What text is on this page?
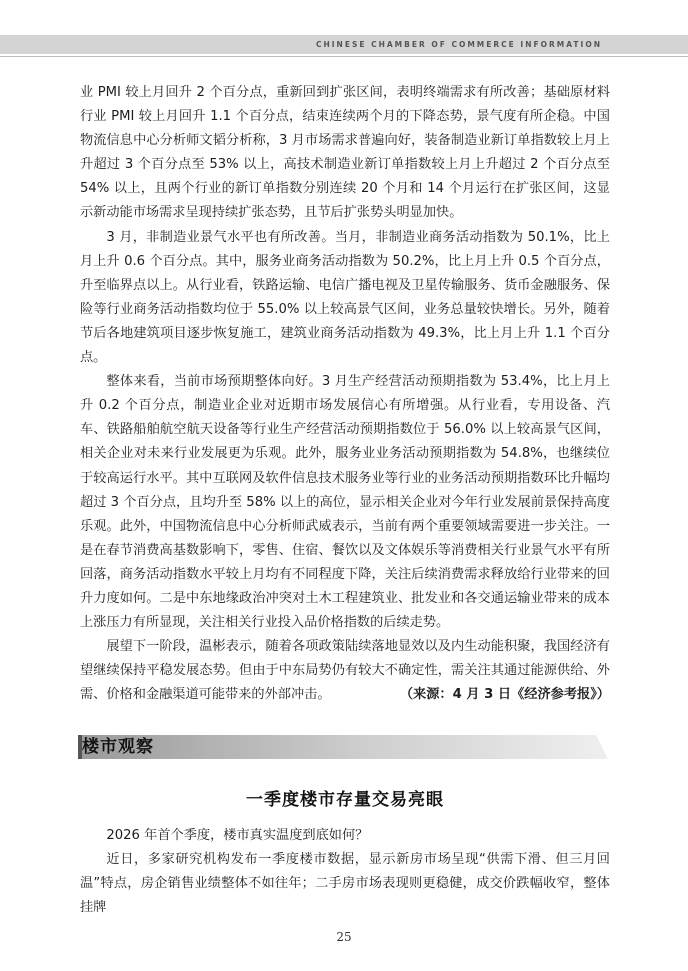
CHINESE CHAMBER OF COMMERCE INFORMATION

业 PMI 较上月回升 2 个百分点，重新回到扩张区间，表明终端需求有所改善；基础原材料行业 PMI 较上月回升 1.1 个百分点，结束连续两个月的下降态势，景气度有所企稳。中国物流信息中心分析师文韬分析称，3 月市场需求普遍向好，装备制造业新订单指数较上月上升超过 3 个百分点至 53% 以上，高技术制造业新订单指数较上月上升超过 2 个百分点至 54% 以上，且两个行业的新订单指数分别连续 20 个月和 14 个月运行在扩张区间，这显示新动能市场需求呈现持续扩张态势，且节后扩张势头明显加快。

3 月，非制造业景气水平也有所改善。当月，非制造业商务活动指数为 50.1%，比上月上升 0.6 个百分点。其中，服务业商务活动指数为 50.2%，比上月上升 0.5 个百分点，升至临界点以上。从行业看，铁路运输、电信广播电视及卫星传输服务、货币金融服务、保险等行业商务活动指数均位于 55.0% 以上较高景气区间，业务总量较快增长。另外，随着节后各地建筑项目逐步恢复施工，建筑业商务活动指数为 49.3%，比上月上升 1.1 个百分点。

整体来看，当前市场预期整体向好。3 月生产经营活动预期指数为 53.4%，比上月上升 0.2 个百分点，制造业企业对近期市场发展信心有所增强。从行业看，专用设备、汽车、铁路船舶航空航天设备等行业生产经营活动预期指数位于 56.0% 以上较高景气区间，相关企业对未来行业发展更为乐观。此外，服务业业务活动预期指数为 54.8%，也继续位于较高运行水平。其中互联网及软件信息技术服务业等行业的业务活动预期指数环比升幅均超过 3 个百分点，且均升至 58% 以上的高位，显示相关企业对今年行业发展前景保持高度乐观。此外，中国物流信息中心分析师武威表示，当前有两个重要领域需要进一步关注。一是在春节消费高基数影响下，零售、住宿、餐饮以及文体娱乐等消费相关行业景气水平有所回落，商务活动指数水平较上月均有不同程度下降，关注后续消费需求释放给行业带来的回升力度如何。二是中东地缘政治冲突对土木工程建筑业、批发业和各交通运输业带来的成本上涨压力有所显现，关注相关行业投入品价格指数的后续走势。

展望下一阶段，温彬表示，随着各项政策陆续落地显效以及内生动能积聚，我国经济有望继续保持平稳发展态势。但由于中东局势仍有较大不确定性，需关注其通过能源供给、外需、价格和金融渠道可能带来的外部冲击。	（来源：4 月 3 日《经济参考报》）

楼市观察
一季度楼市存量交易亮眼

2026 年首个季度，楼市真实温度到底如何？

近日，多家研究机构发布一季度楼市数据，显示新房市场呈现“供需下滑、但三月回温”特点，房企销售业绩整体不如往年；二手房市场表现则更稳健，成交价跌幅收窄，整体挂牌

25
